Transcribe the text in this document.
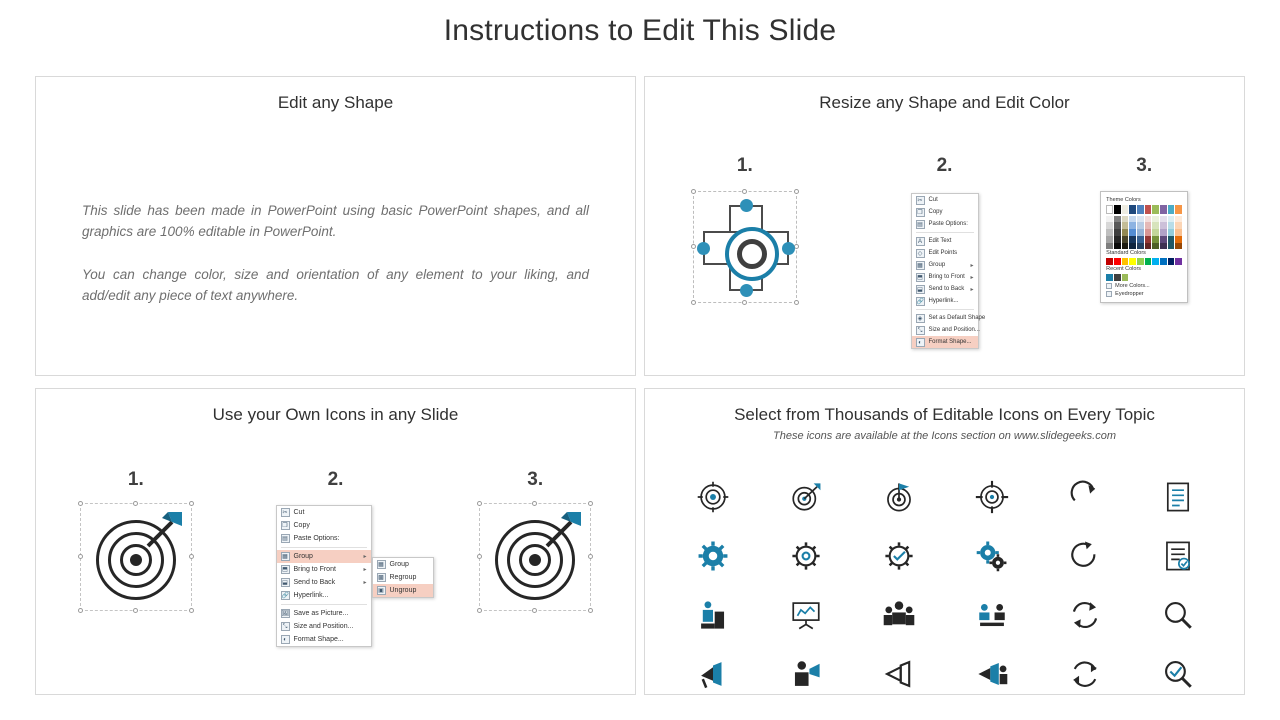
Instructions to Edit This Slide
Edit any Shape
This slide has been made in PowerPoint using basic PowerPoint shapes, and all graphics are 100% editable in PowerPoint.
You can change color, size and orientation of any element to your liking, and add/edit any piece of text anywhere.
Resize any Shape and Edit Color
1.	2.
✂ Cut
❐ Copy
▤ Paste Options:
A	Edit Text
◇	Edit Points
▦ Group	▸
⬒ Bring to Front ▸
⬓ Send to Back ▸
🔗 Hyperlink...
◈	Set as Default Shape
⤡	Size and Position...
◐	Format Shape...
3.
Theme Colors
Standard Colors
Recent Colors
More Colors...
Eyedropper
Use your Own Icons in any Slide
1.	2.
✂ Cut
❐ Copy
▤ Paste Options:
▦ Group	▸
⬒ Bring to Front	▸
⬓ Send to Back	▸
🔗 Hyperlink...
🖼 Save as Picture...
⤡ Size and Position...
◐ Format Shape...
▦ Group
▩ Regroup
▣ Ungroup
3.
Select from Thousands of Editable Icons on Every Topic
These icons are available at the Icons section on www.slidegeeks.com
